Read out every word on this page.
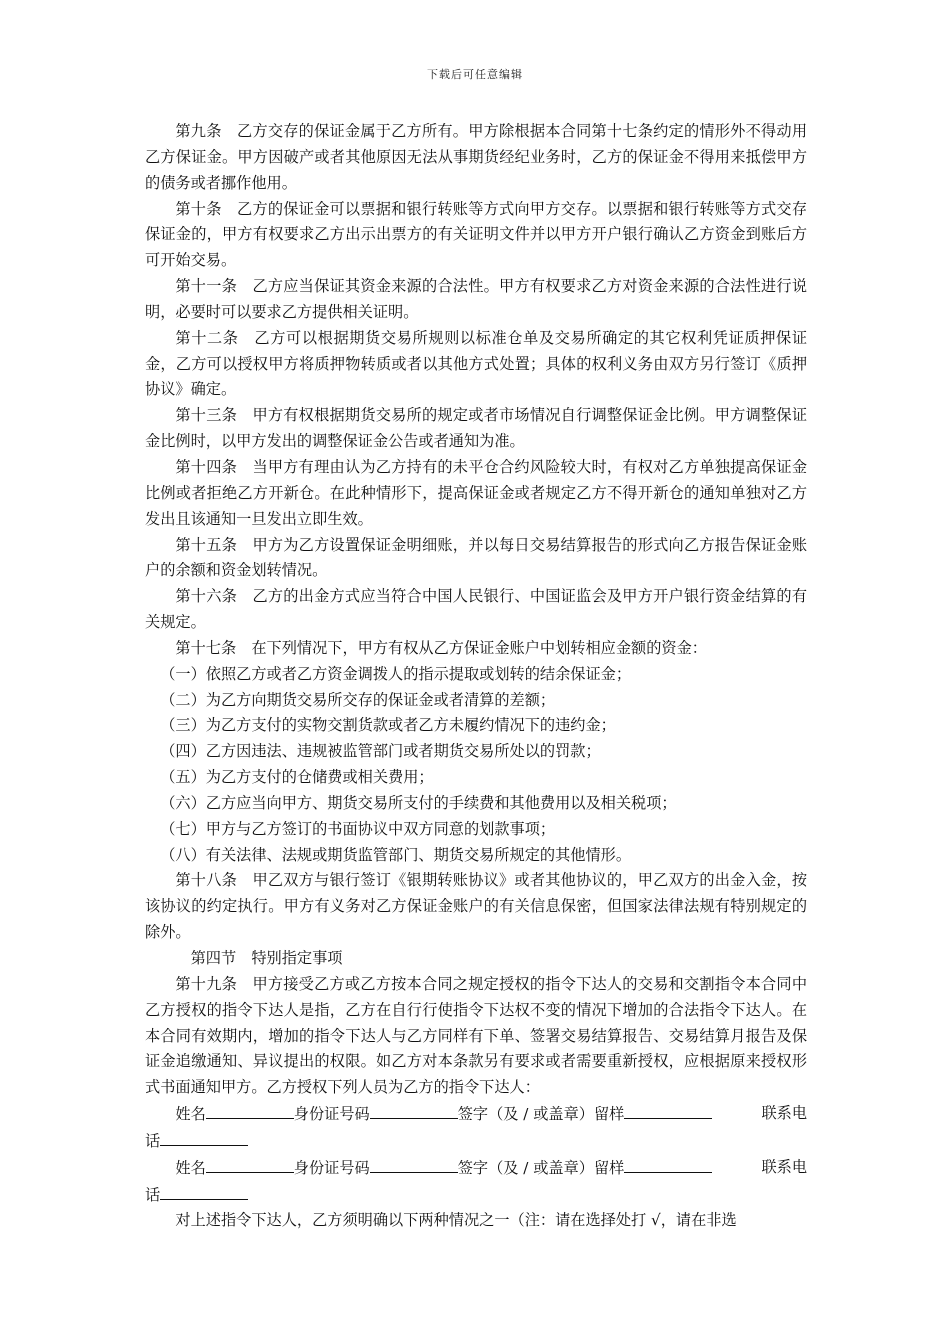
下载后可任意编辑

第九条　乙方交存的保证金属于乙方所有。甲方除根据本合同第十七条约定的情形外不得动用乙方保证金。甲方因破产或者其他原因无法从事期货经纪业务时，乙方的保证金不得用来抵偿甲方的债务或者挪作他用。

第十条　乙方的保证金可以票据和银行转账等方式向甲方交存。以票据和银行转账等方式交存保证金的，甲方有权要求乙方出示出票方的有关证明文件并以甲方开户银行确认乙方资金到账后方可开始交易。

第十一条　乙方应当保证其资金来源的合法性。甲方有权要求乙方对资金来源的合法性进行说明，必要时可以要求乙方提供相关证明。

第十二条　乙方可以根据期货交易所规则以标准仓单及交易所确定的其它权利凭证质押保证金，乙方可以授权甲方将质押物转质或者以其他方式处置；具体的权利义务由双方另行签订《质押协议》确定。

第十三条　甲方有权根据期货交易所的规定或者市场情况自行调整保证金比例。甲方调整保证金比例时，以甲方发出的调整保证金公告或者通知为准。

第十四条　当甲方有理由认为乙方持有的未平仓合约风险较大时，有权对乙方单独提高保证金比例或者拒绝乙方开新仓。在此种情形下，提高保证金或者规定乙方不得开新仓的通知单独对乙方发出且该通知一旦发出立即生效。

第十五条　甲方为乙方设置保证金明细账，并以每日交易结算报告的形式向乙方报告保证金账户的余额和资金划转情况。

第十六条　乙方的出金方式应当符合中国人民银行、中国证监会及甲方开户银行资金结算的有关规定。

第十七条　在下列情况下，甲方有权从乙方保证金账户中划转相应金额的资金：

（一）依照乙方或者乙方资金调拨人的指示提取或划转的结余保证金；

（二）为乙方向期货交易所交存的保证金或者清算的差额；

（三）为乙方支付的实物交割货款或者乙方未履约情况下的违约金；

（四）乙方因违法、违规被监管部门或者期货交易所处以的罚款；

（五）为乙方支付的仓储费或相关费用；

（六）乙方应当向甲方、期货交易所支付的手续费和其他费用以及相关税项；

（七）甲方与乙方签订的书面协议中双方同意的划款事项；

（八）有关法律、法规或期货监管部门、期货交易所规定的其他情形。

第十八条　甲乙双方与银行签订《银期转账协议》或者其他协议的，甲乙双方的出金入金，按该协议的约定执行。甲方有义务对乙方保证金账户的有关信息保密，但国家法律法规有特别规定的除外。

第四节　特别指定事项

第十九条　甲方接受乙方或乙方按本合同之规定授权的指令下达人的交易和交割指令本合同中乙方授权的指令下达人是指，乙方在自行行使指令下达权不变的情况下增加的合法指令下达人。在本合同有效期内，增加的指令下达人与乙方同样有下单、签署交易结算报告、交易结算月报告及保证金追缴通知、异议提出的权限。如乙方对本条款另有要求或者需要重新授权，应根据原来授权形式书面通知甲方。乙方授权下列人员为乙方的指令下达人：

姓名	身份证号码	签字（及 / 或盖章）留样	联系电

话

姓名	身份证号码	签字（及 / 或盖章）留样	联系电

话

对上述指令下达人，乙方须明确以下两种情况之一（注：请在选择处打 √，请在非选
